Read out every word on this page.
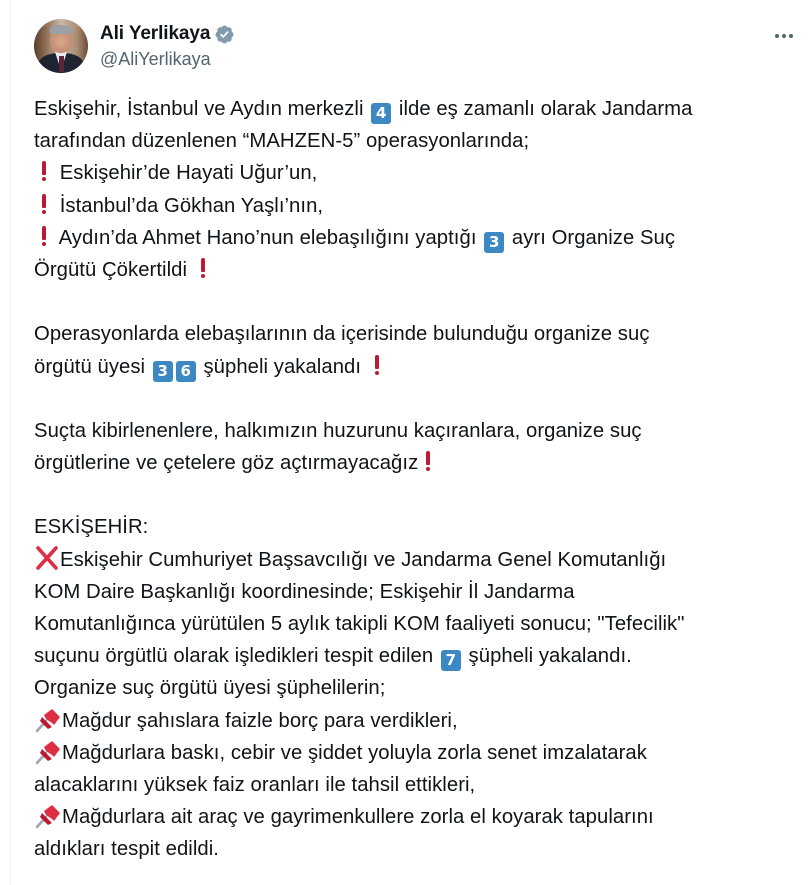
Ali Yerlikaya
@AliYerlikaya
Eskişehir, İstanbul ve Aydın merkezli 4 ilde eş zamanlı olarak Jandarma
tarafından düzenlenen “MAHZEN-5” operasyonlarında;
Eskişehir’de Hayati Uğur’un,
İstanbul’da Gökhan Yaşlı’nın,
Aydın’da Ahmet Hano’nun elebaşılığını yaptığı 3 ayrı Organize Suç
Örgütü Çökertildi
Operasyonlarda elebaşılarının da içerisinde bulunduğu organize suç
örgütü üyesi 3 6 şüpheli yakalandı
Suçta kibirlenenlere, halkımızın huzurunu kaçıranlara, organize suç
örgütlerine ve çetelere göz açtırmayacağız
ESKİŞEHİR:
Eskişehir Cumhuriyet Başsavcılığı ve Jandarma Genel Komutanlığı
KOM Daire Başkanlığı koordinesinde; Eskişehir İl Jandarma
Komutanlığınca yürütülen 5 aylık takipli KOM faaliyeti sonucu; "Tefecilik"
suçunu örgütlü olarak işledikleri tespit edilen 7 şüpheli yakalandı.
Organize suç örgütü üyesi şüphelilerin;
Mağdur şahıslara faizle borç para verdikleri,
Mağdurlara baskı, cebir ve şiddet yoluyla zorla senet imzalatarak
alacaklarını yüksek faiz oranları ile tahsil ettikleri,
Mağdurlara ait araç ve gayrimenkullere zorla el koyarak tapularını
aldıkları tespit edildi.
